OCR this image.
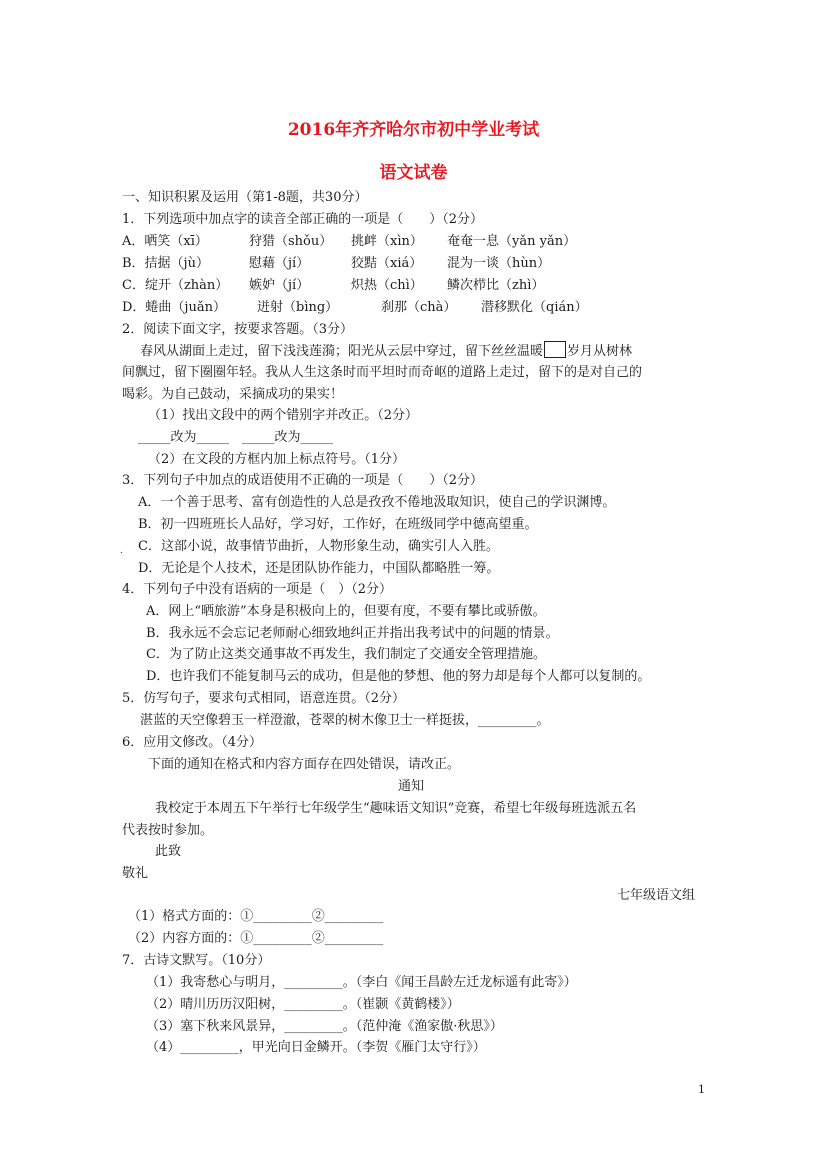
2016年齐齐哈尔市初中学业考试
语文试卷
一、知识积累及运用（第1-8题，共30分）
1．下列选项中加点字的读音全部正确的一项是（　　）（2分）
A．哂笑（xī）	狩猎（shǒu） 挑衅（xìn） 奄奄一息（yǎn yǎn）
B．拮据（jù）	慰藉（jí）	狡黠（xiá） 混为一谈（hùn）
C．绽开（zhàn） 嫉妒（jí）	炽热（chì） 鳞次栉比（zhì）
D．蜷曲（juǎn） 迸射（bìng）	刹那（chà） 潜移默化（qián）
2．阅读下面文字，按要求答题。（3分）
春风从湖面上走过，留下浅浅莲漪；阳光从云层中穿过，留下丝丝温暖 岁月从树林
间飘过，留下圈圈年轻。我从人生这条时而平坦时而奇岖的道路上走过，留下的是对自己的
喝彩。为自己鼓动，采摘成功的果实！
（1）找出文段中的两个错别字并改正。（2分）
_____改为_____　_____改为_____
（2）在文段的方框内加上标点符号。（1分）
3．下列句子中加点的成语使用不正确的一项是（　　）（2分）
A．一个善于思考、富有创造性的人总是孜孜不倦地汲取知识，使自己的学识渊博。
B．初一四班班长人品好，学习好，工作好，在班级同学中德高望重。
. C．这部小说，故事情节曲折，人物形象生动，确实引人入胜。
D．无论是个人技术，还是团队协作能力，中国队都略胜一筹。
4．下列句子中没有语病的一项是（　）（2分）
A．网上“晒旅游”本身是积极向上的，但要有度，不要有攀比或骄傲。
B．我永远不会忘记老师耐心细致地纠正并指出我考试中的问题的情景。
C．为了防止这类交通事故不再发生，我们制定了交通安全管理措施。
D．也许我们不能复制马云的成功，但是他的梦想、他的努力却是每个人都可以复制的。
5．仿写句子，要求句式相同，语意连贯。（2分）
湛蓝的天空像碧玉一样澄澈，苍翠的树木像卫士一样挺拔，_________。
6．应用文修改。（4分）
下面的通知在格式和内容方面存在四处错误，请改正。
通知
我校定于本周五下午举行七年级学生“趣味语文知识”竞赛，希望七年级每班选派五名
代表按时参加。
此致
敬礼
七年级语文组
（1）格式方面的：①_________②_________
（2）内容方面的：①_________②_________
7．古诗文默写。（10分）
（1）我寄愁心与明月，_________。（李白《闻王昌龄左迁龙标遥有此寄》）
（2）晴川历历汉阳树，_________。（崔颢《黄鹤楼》）
（3）塞下秋来风景异，_________。（范仲淹《渔家傲·秋思》）
（4）_________，甲光向日金鳞开。（李贺《雁门太守行》）
1
